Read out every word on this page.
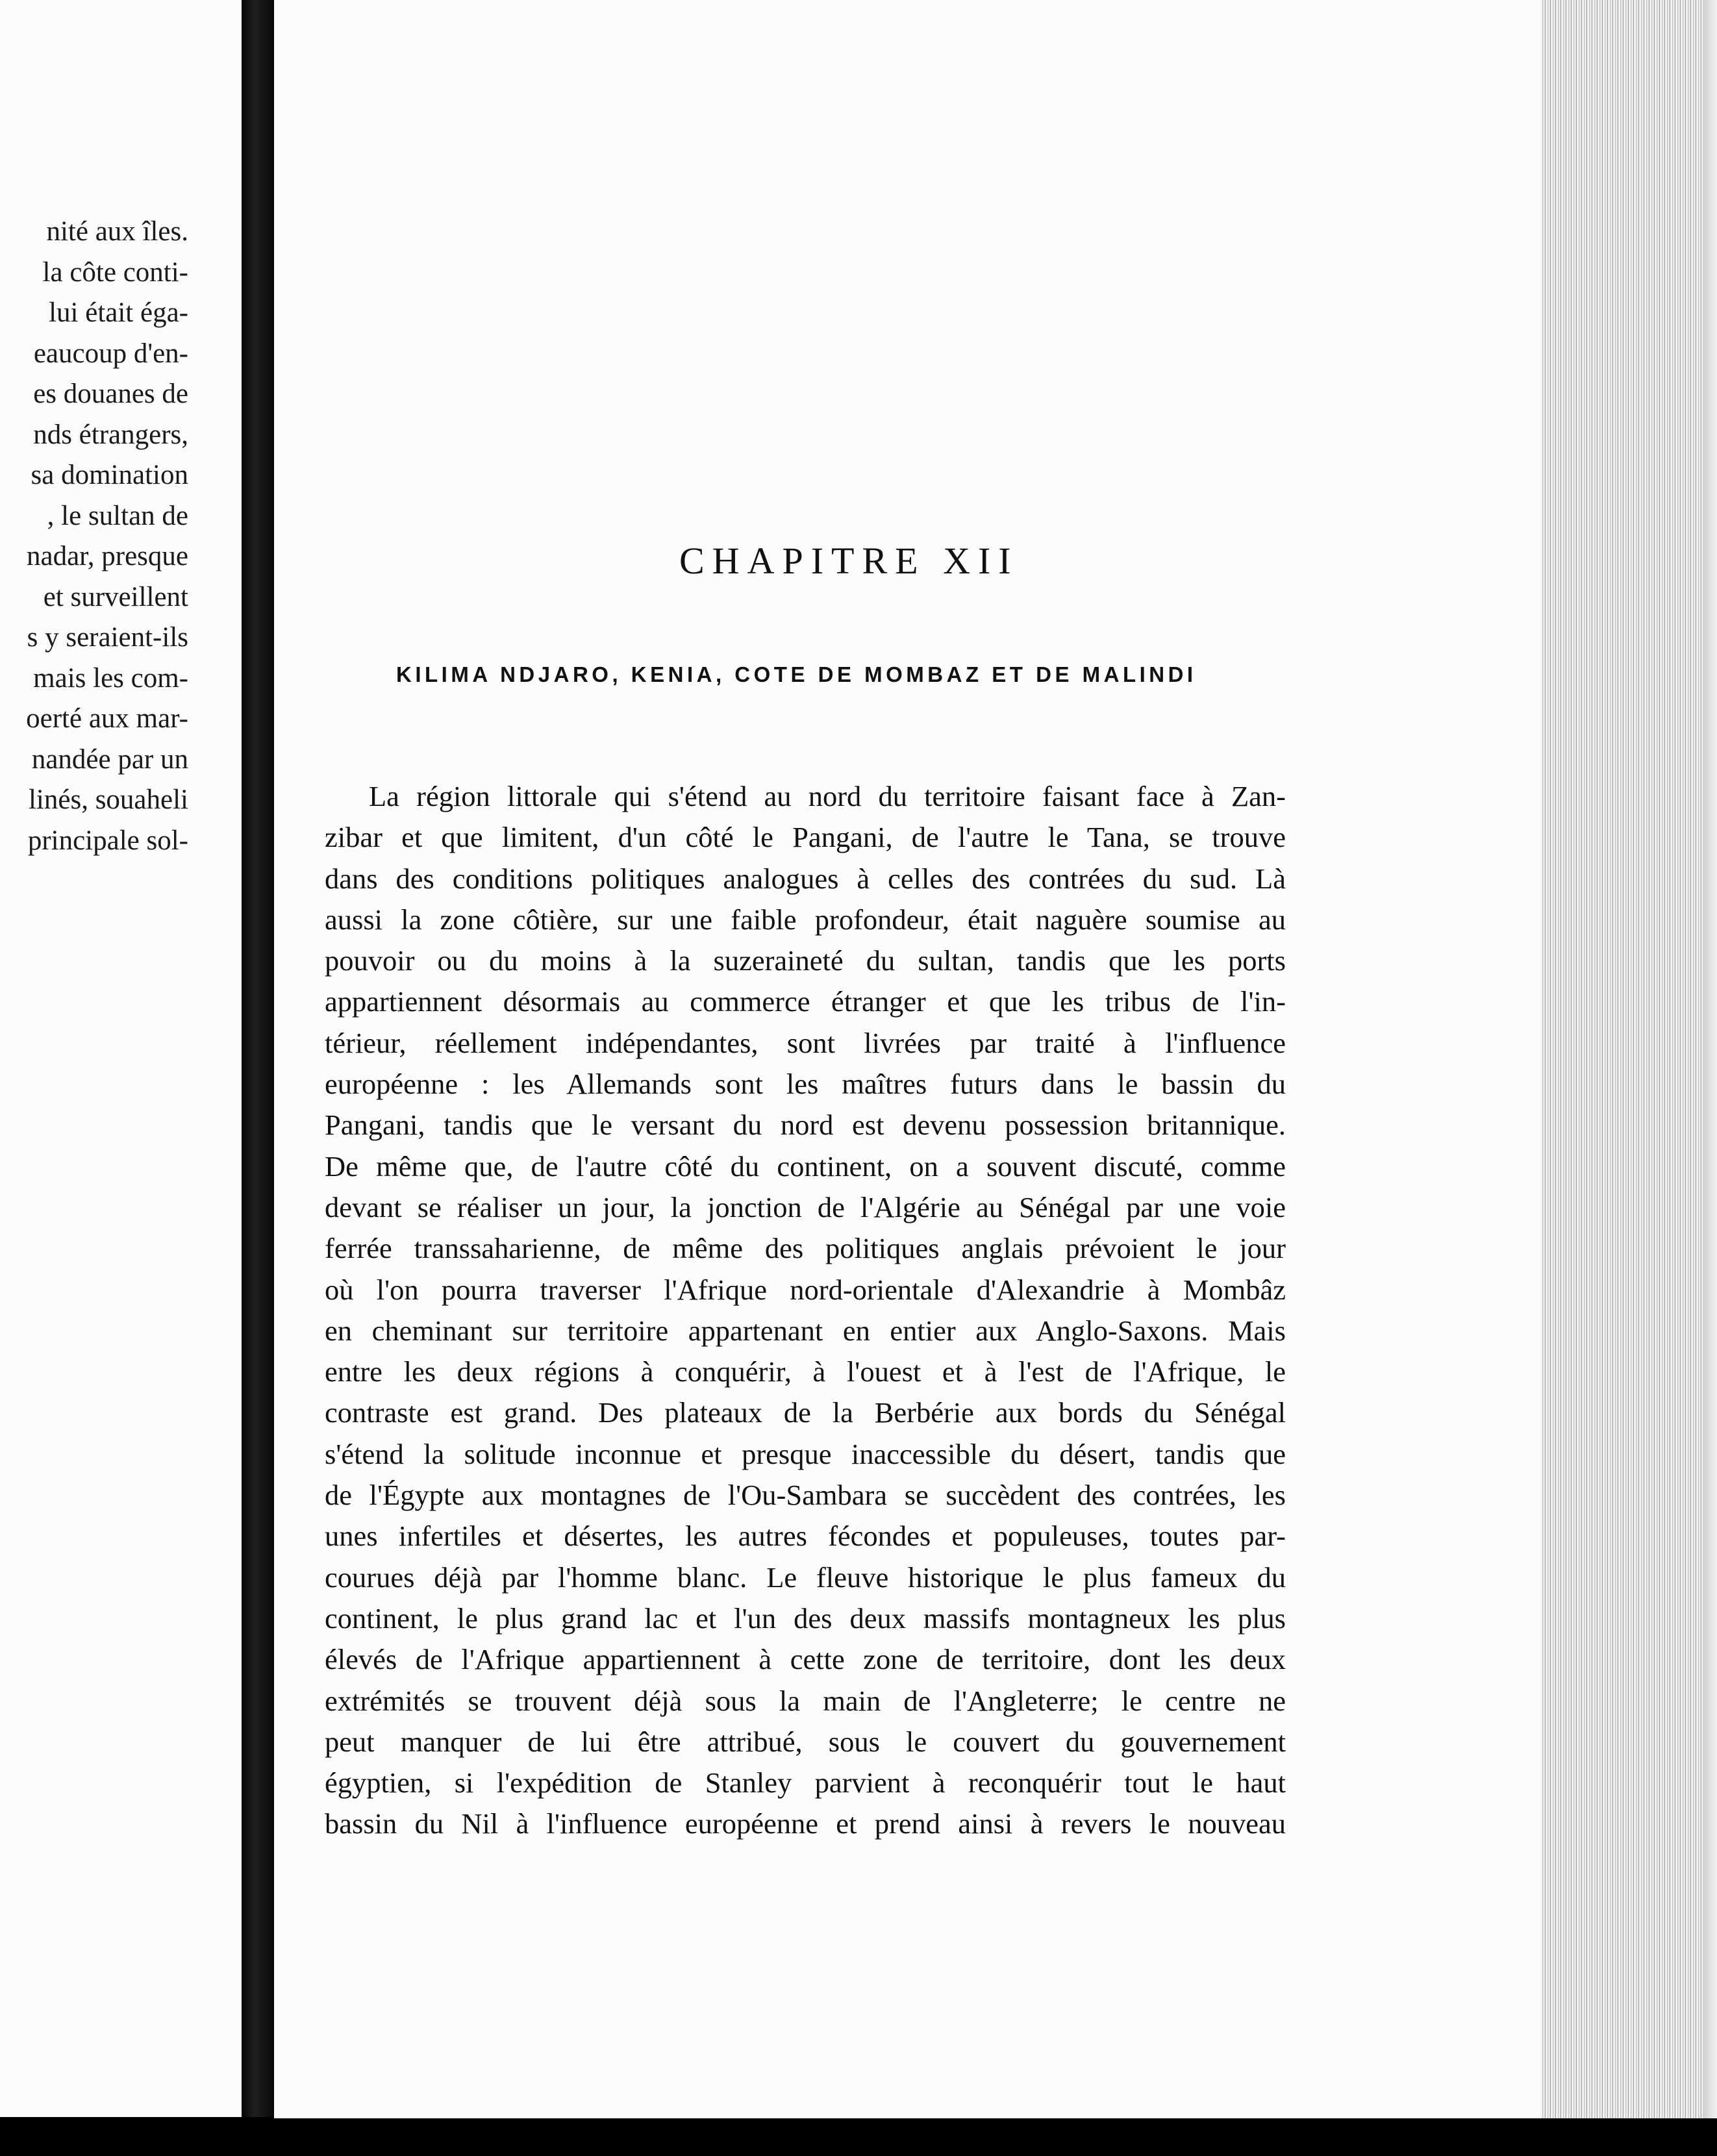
nité aux îles.
la côte conti-
lui était éga-
eaucoup d'en-
es douanes de
nds étrangers,
sa domination
, le sultan de
nadar, presque
et surveillent
s y seraient-ils
mais les com-
oerté aux mar-
nandée par un
linés, souaheli
principale sol-
CHAPITRE XII
KILIMA NDJARO, KENIA, COTE DE MOMBAZ ET DE MALINDI
La région littorale qui s'étend au nord du territoire faisant face à Zan-
zibar et que limitent, d'un côté le Pangani, de l'autre le Tana, se trouve
dans des conditions politiques analogues à celles des contrées du sud. Là
aussi la zone côtière, sur une faible profondeur, était naguère soumise au
pouvoir ou du moins à la suzeraineté du sultan, tandis que les ports
appartiennent désormais au commerce étranger et que les tribus de l'in-
térieur, réellement indépendantes, sont livrées par traité à l'influence
européenne : les Allemands sont les maîtres futurs dans le bassin du
Pangani, tandis que le versant du nord est devenu possession britannique.
De même que, de l'autre côté du continent, on a souvent discuté, comme
devant se réaliser un jour, la jonction de l'Algérie au Sénégal par une voie
ferrée transsaharienne, de même des politiques anglais prévoient le jour
où l'on pourra traverser l'Afrique nord-orientale d'Alexandrie à Mombâz
en cheminant sur territoire appartenant en entier aux Anglo-Saxons. Mais
entre les deux régions à conquérir, à l'ouest et à l'est de l'Afrique, le
contraste est grand. Des plateaux de la Berbérie aux bords du Sénégal
s'étend la solitude inconnue et presque inaccessible du désert, tandis que
de l'Égypte aux montagnes de l'Ou-Sambara se succèdent des contrées, les
unes infertiles et désertes, les autres fécondes et populeuses, toutes par-
courues déjà par l'homme blanc. Le fleuve historique le plus fameux du
continent, le plus grand lac et l'un des deux massifs montagneux les plus
élevés de l'Afrique appartiennent à cette zone de territoire, dont les deux
extrémités se trouvent déjà sous la main de l'Angleterre; le centre ne
peut manquer de lui être attribué, sous le couvert du gouvernement
égyptien, si l'expédition de Stanley parvient à reconquérir tout le haut
bassin du Nil à l'influence européenne et prend ainsi à revers le nouveau
